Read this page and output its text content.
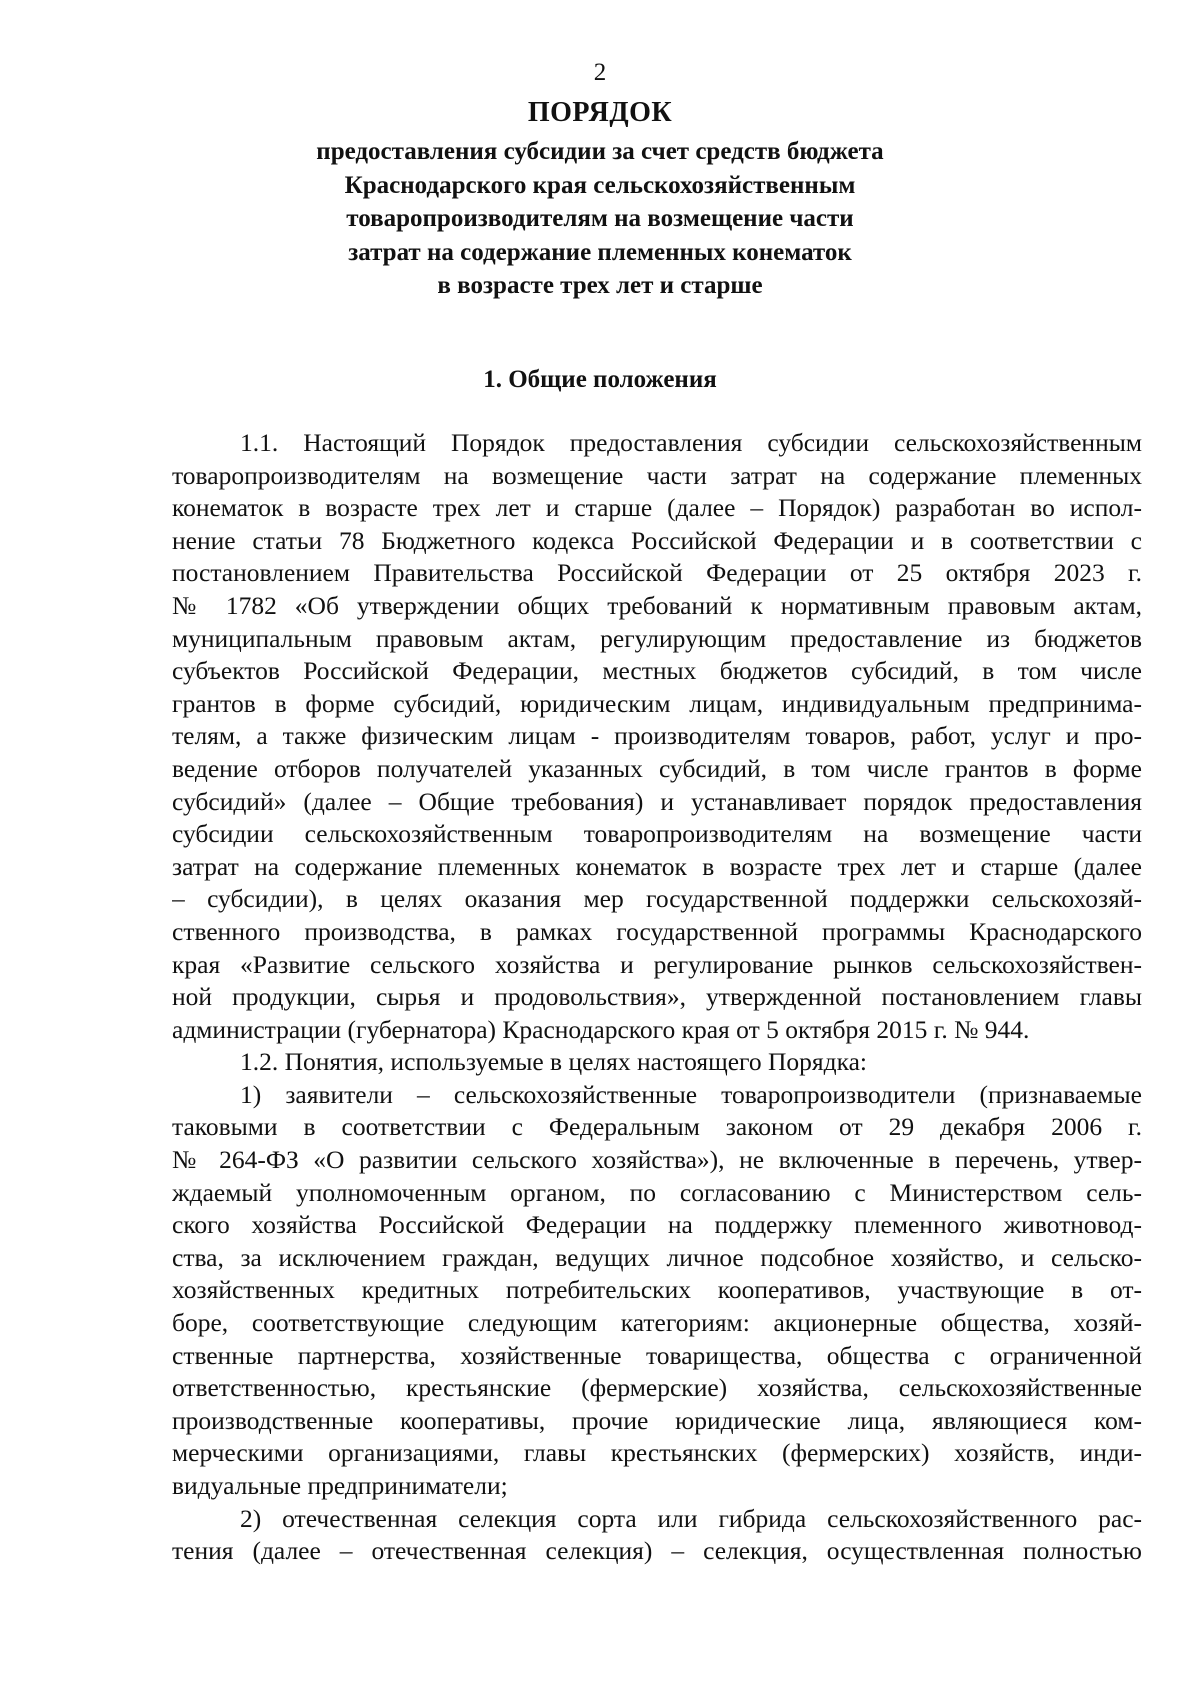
2
ПОРЯДОК
предоставления субсидии за счет средств бюджета
Краснодарского края сельскохозяйственным
товаропроизводителям на возмещение части
затрат на содержание племенных конематок
в возрасте трех лет и старше
1. Общие положения
1.1. Настоящий Порядок предоставления субсидии сельскохозяйственным
товаропроизводителям на возмещение части затрат на содержание племенных
конематок в возрасте трех лет и старше (далее – Порядок) разработан во испол-
нение статьи 78 Бюджетного кодекса Российской Федерации и в соответствии с
постановлением Правительства Российской Федерации от 25 октября 2023 г.
№ 1782 «Об утверждении общих требований к нормативным правовым актам,
муниципальным правовым актам, регулирующим предоставление из бюджетов
субъектов Российской Федерации, местных бюджетов субсидий, в том числе
грантов в форме субсидий, юридическим лицам, индивидуальным предпринима-
телям, а также физическим лицам - производителям товаров, работ, услуг и про-
ведение отборов получателей указанных субсидий, в том числе грантов в форме
субсидий» (далее – Общие требования) и устанавливает порядок предоставления
субсидии сельскохозяйственным товаропроизводителям на возмещение части
затрат на содержание племенных конематок в возрасте трех лет и старше (далее
– субсидии), в целях оказания мер государственной поддержки сельскохозяй-
ственного производства, в рамках государственной программы Краснодарского
края «Развитие сельского хозяйства и регулирование рынков сельскохозяйствен-
ной продукции, сырья и продовольствия», утвержденной постановлением главы
администрации (губернатора) Краснодарского края от 5 октября 2015 г. № 944.
1.2. Понятия, используемые в целях настоящего Порядка:
1) заявители – сельскохозяйственные товаропроизводители (признаваемые
таковыми в соответствии с Федеральным законом от 29 декабря 2006 г.
№ 264-ФЗ «О развитии сельского хозяйства»), не включенные в перечень, утвер-
ждаемый уполномоченным органом, по согласованию с Министерством сель-
ского хозяйства Российской Федерации на поддержку племенного животновод-
ства, за исключением граждан, ведущих личное подсобное хозяйство, и сельско-
хозяйственных кредитных потребительских кооперативов, участвующие в от-
боре, соответствующие следующим категориям: акционерные общества, хозяй-
ственные партнерства, хозяйственные товарищества, общества с ограниченной
ответственностью, крестьянские (фермерские) хозяйства, сельскохозяйственные
производственные кооперативы, прочие юридические лица, являющиеся ком-
мерческими организациями, главы крестьянских (фермерских) хозяйств, инди-
видуальные предприниматели;
2) отечественная селекция сорта или гибрида сельскохозяйственного рас-
тения (далее – отечественная селекция) – селекция, осуществленная полностью
